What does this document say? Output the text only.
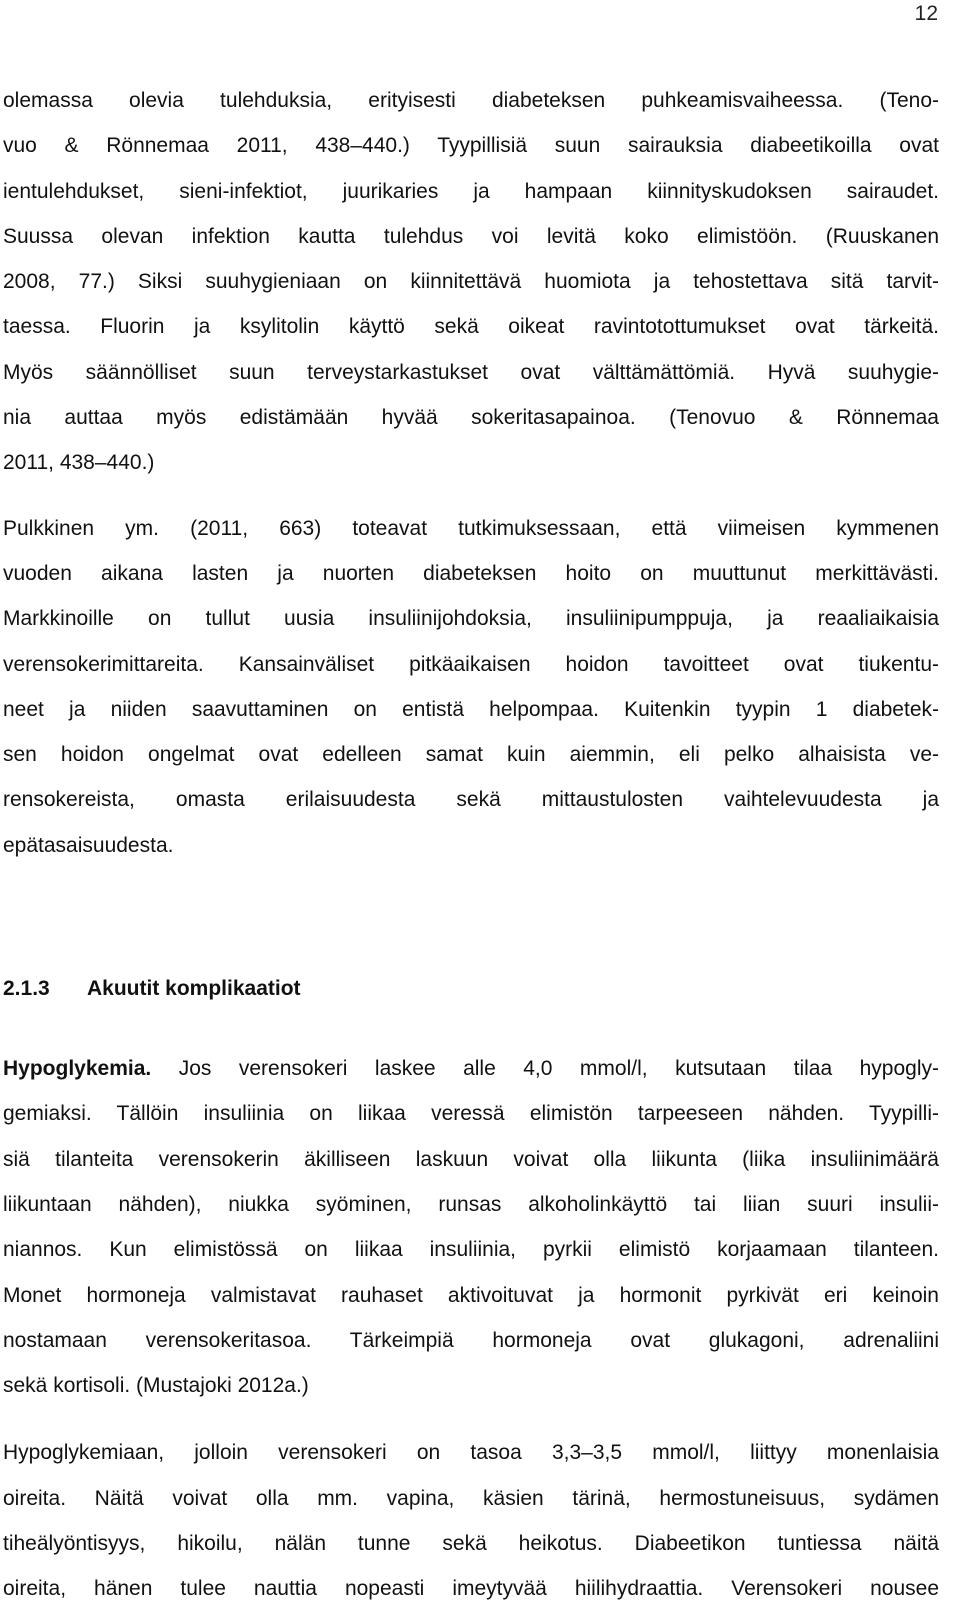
12

olemassa olevia tulehduksia, erityisesti diabeteksen puhkeamisvaiheessa. (Teno-
vuo & Rönnemaa 2011, 438–440.) Tyypillisiä suun sairauksia diabeetikoilla ovat
ientulehdukset, sieni-infektiot, juurikaries ja hampaan kiinnityskudoksen sairaudet.
Suussa olevan infektion kautta tulehdus voi levitä koko elimistöön. (Ruuskanen
2008, 77.) Siksi suuhygieniaan on kiinnitettävä huomiota ja tehostettava sitä tarvit-
taessa. Fluorin ja ksylitolin käyttö sekä oikeat ravintotottumukset ovat tärkeitä.
Myös säännölliset suun terveystarkastukset ovat välttämättömiä. Hyvä suuhygie-
nia auttaa myös edistämään hyvää sokeritasapainoa. (Tenovuo & Rönnemaa
2011, 438–440.)

Pulkkinen ym. (2011, 663) toteavat tutkimuksessaan, että viimeisen kymmenen
vuoden aikana lasten ja nuorten diabeteksen hoito on muuttunut merkittävästi.
Markkinoille on tullut uusia insuliinijohdoksia, insuliinipumppuja, ja reaaliaikaisia
verensokerimittareita. Kansainväliset pitkäaikaisen hoidon tavoitteet ovat tiukentu-
neet ja niiden saavuttaminen on entistä helpompaa. Kuitenkin tyypin 1 diabetek-
sen hoidon ongelmat ovat edelleen samat kuin aiemmin, eli pelko alhaisista ve-
rensokereista, omasta erilaisuudesta sekä mittaustulosten vaihtelevuudesta ja
epätasaisuudesta.

2.1.3 Akuutit komplikaatiot

Hypoglykemia. Jos verensokeri laskee alle 4,0 mmol/l, kutsutaan tilaa hypogly-
gemiaksi. Tällöin insuliinia on liikaa veressä elimistön tarpeeseen nähden. Tyypilli-
siä tilanteita verensokerin äkilliseen laskuun voivat olla liikunta (liika insuliinimäärä
liikuntaan nähden), niukka syöminen, runsas alkoholinkäyttö tai liian suuri insulii-
niannos. Kun elimistössä on liikaa insuliinia, pyrkii elimistö korjaamaan tilanteen.
Monet hormoneja valmistavat rauhaset aktivoituvat ja hormonit pyrkivät eri keinoin
nostamaan verensokeritasoa. Tärkeimpiä hormoneja ovat glukagoni, adrenaliini
sekä kortisoli. (Mustajoki 2012a.)

Hypoglykemiaan, jolloin verensokeri on tasoa 3,3–3,5 mmol/l, liittyy monenlaisia
oireita. Näitä voivat olla mm. vapina, käsien tärinä, hermostuneisuus, sydämen
tiheälyöntisyys, hikoilu, nälän tunne sekä heikotus. Diabeetikon tuntiessa näitä
oireita, hänen tulee nauttia nopeasti imeytyvää hiilihydraattia. Verensokeri nousee
